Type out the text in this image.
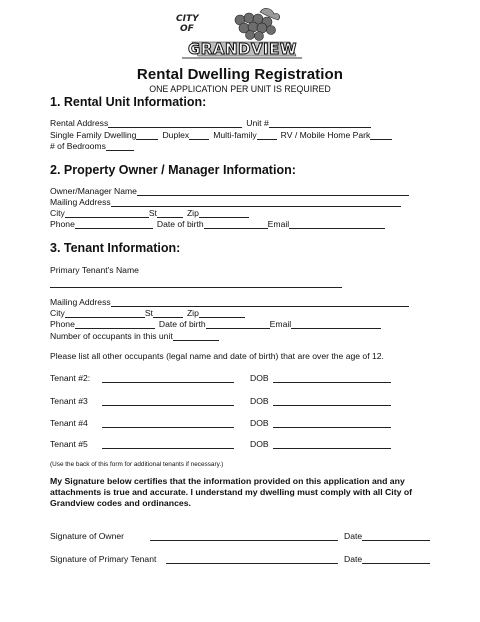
CITY
OF
GRANDVIEW
Rental Dwelling Registration
ONE APPLICATION PER UNIT IS REQUIRED
1. Rental Unit Information:
Rental Address	Unit #
Single Family Dwelling	Duplex	Multi-family	RV / Mobile Home Park
# of Bedrooms
2. Property Owner / Manager Information:
Owner/Manager Name
Mailing Address
City	St	Zip
Phone	Date of birth	Email
3. Tenant Information:
Primary Tenant's Name
Mailing Address
City	St	Zip
Phone	Date of birth	Email
Number of occupants in this unit
Please list all other occupants (legal name and date of birth) that are over the age of 12.
Tenant #2:	DOB
Tenant #3	DOB
Tenant #4	DOB
Tenant #5	DOB
(Use the back of this form for additional tenants if necessary.)
My Signature below certifies that the information provided on this application and any attachments is true and accurate. I understand my dwelling must comply with all City of Grandview codes and ordinances.
Signature of Owner	Date
Signature of Primary Tenant	Date
